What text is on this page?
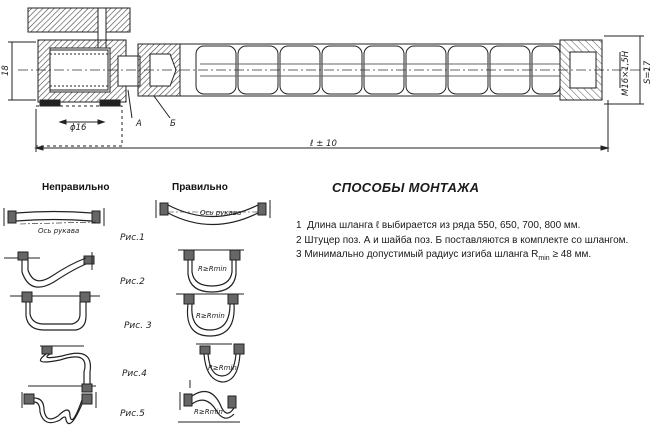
18
ϕ16
ℓ ± 10
М16×1,5Н S=17
А	Б
Неправильно	Правильно
Рис.1
Рис.2
Рис. 3
Рис.4
Рис.5
Ось рукава
Ось рукава
R≥Rmin
R≥Rmin
R≥Rmin
R≥Rmin
СПОСОБЫ МОНТАЖА
1 Длина шланга ℓ выбирается из ряда 550, 650, 700, 800 мм.
2 Штуцер поз. А и шайба поз. Б поставляются в комплекте со шлангом.
3 Минимально допустимый радиус изгиба шланга $R_{min} \ge 48$ мм.
